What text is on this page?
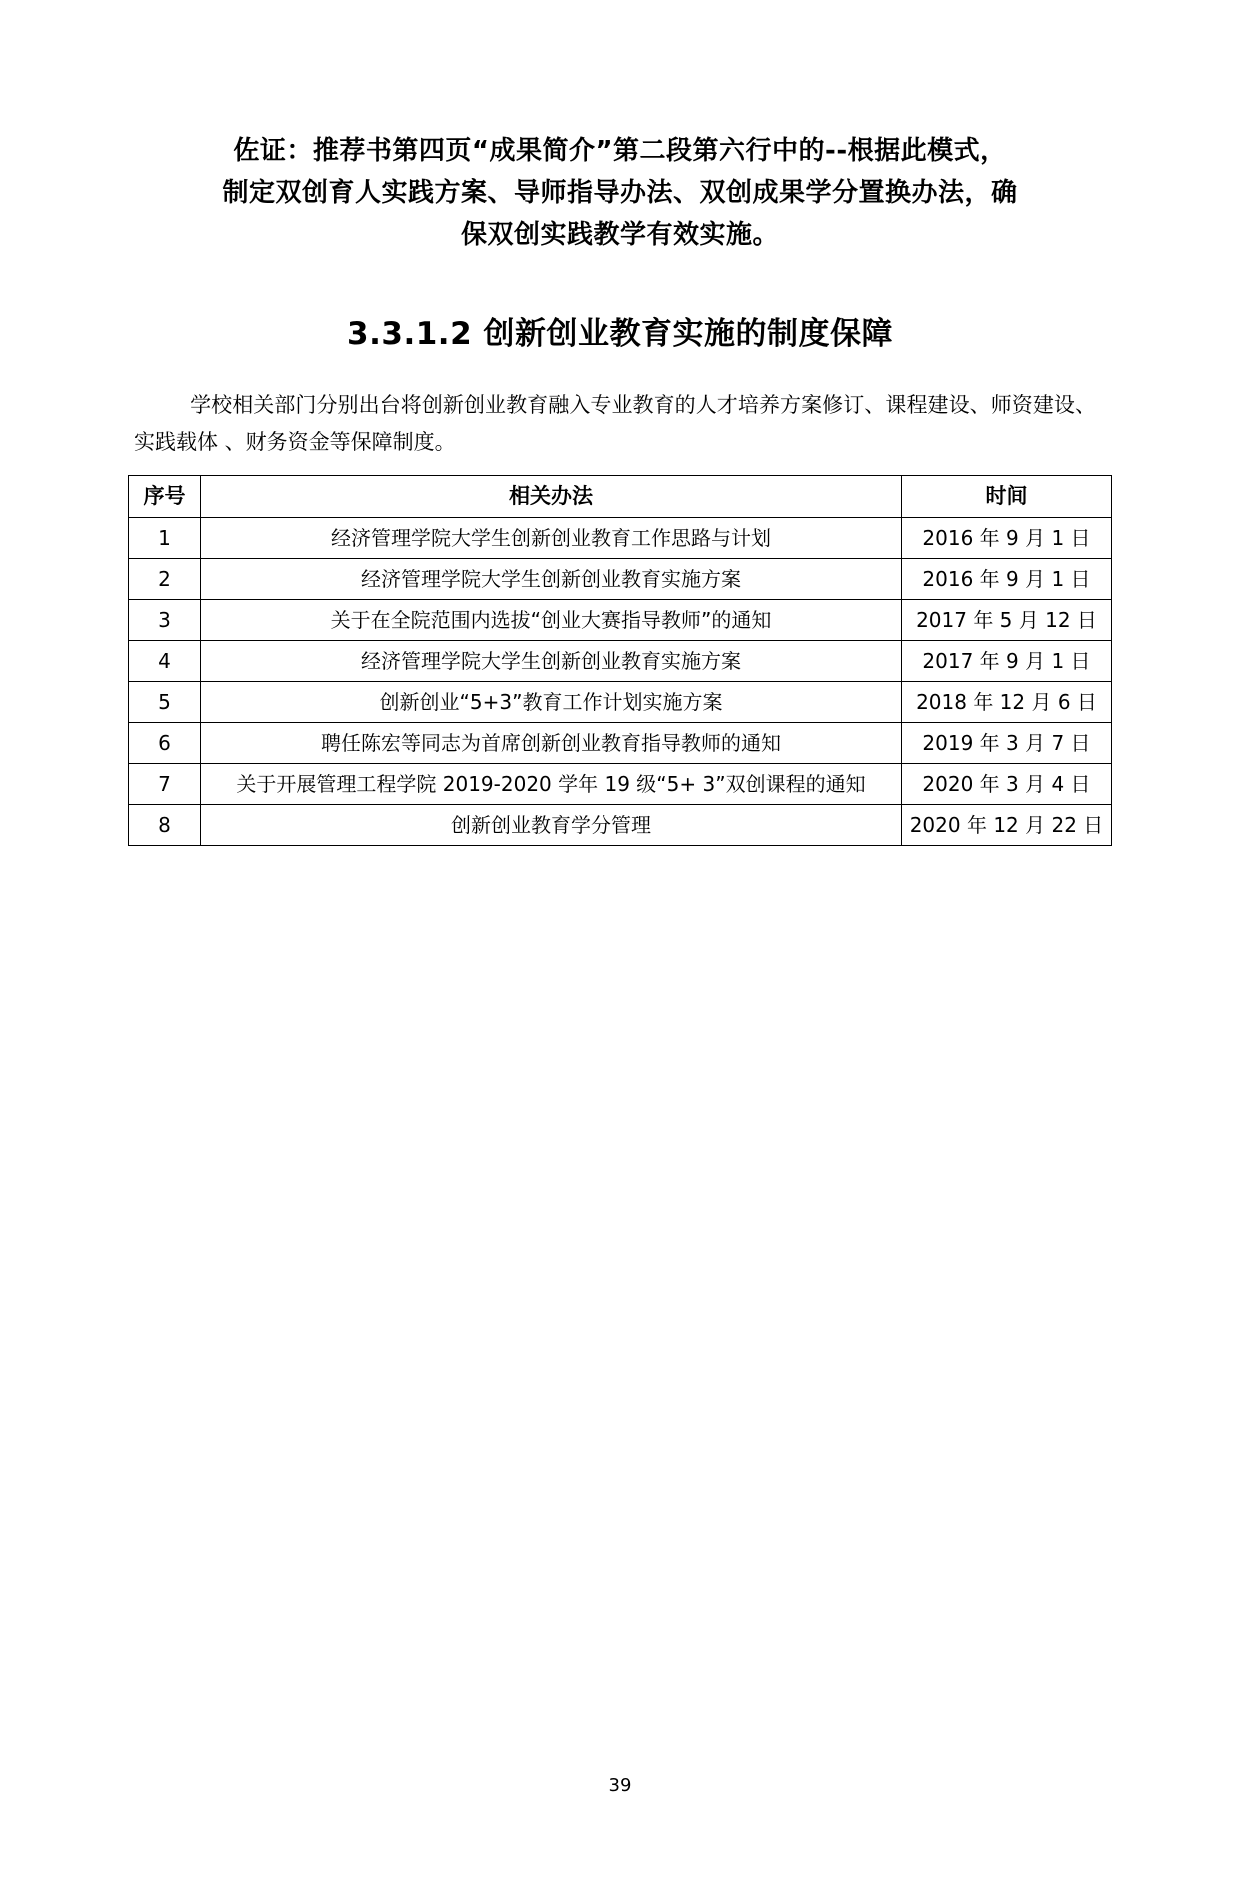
佐证：推荐书第四页“成果简介”第二段第六行中的--根据此模式，
制定双创育人实践方案、导师指导办法、双创成果学分置换办法，确
保双创实践教学有效实施。
3.3.1.2 创新创业教育实施的制度保障
学校相关部门分别出台将创新创业教育融入专业教育的人才培养方案修订、课程建设、师资建设、实践载体 、财务资金等保障制度。
序号	相关办法	时间
1	经济管理学院大学生创新创业教育工作思路与计划	2016 年 9 月 1 日
2	经济管理学院大学生创新创业教育实施方案	2016 年 9 月 1 日
3	关于在全院范围内选拔“创业大赛指导教师”的通知	2017 年 5 月 12 日
4	经济管理学院大学生创新创业教育实施方案	2017 年 9 月 1 日
5	创新创业“5+3”教育工作计划实施方案	2018 年 12 月 6 日
6	聘任陈宏等同志为首席创新创业教育指导教师的通知	2019 年 3 月 7 日
7	关于开展管理工程学院 2019-2020 学年 19 级“5+ 3”双创课程的通知	2020 年 3 月 4 日
8	创新创业教育学分管理	2020 年 12 月 22 日
39
